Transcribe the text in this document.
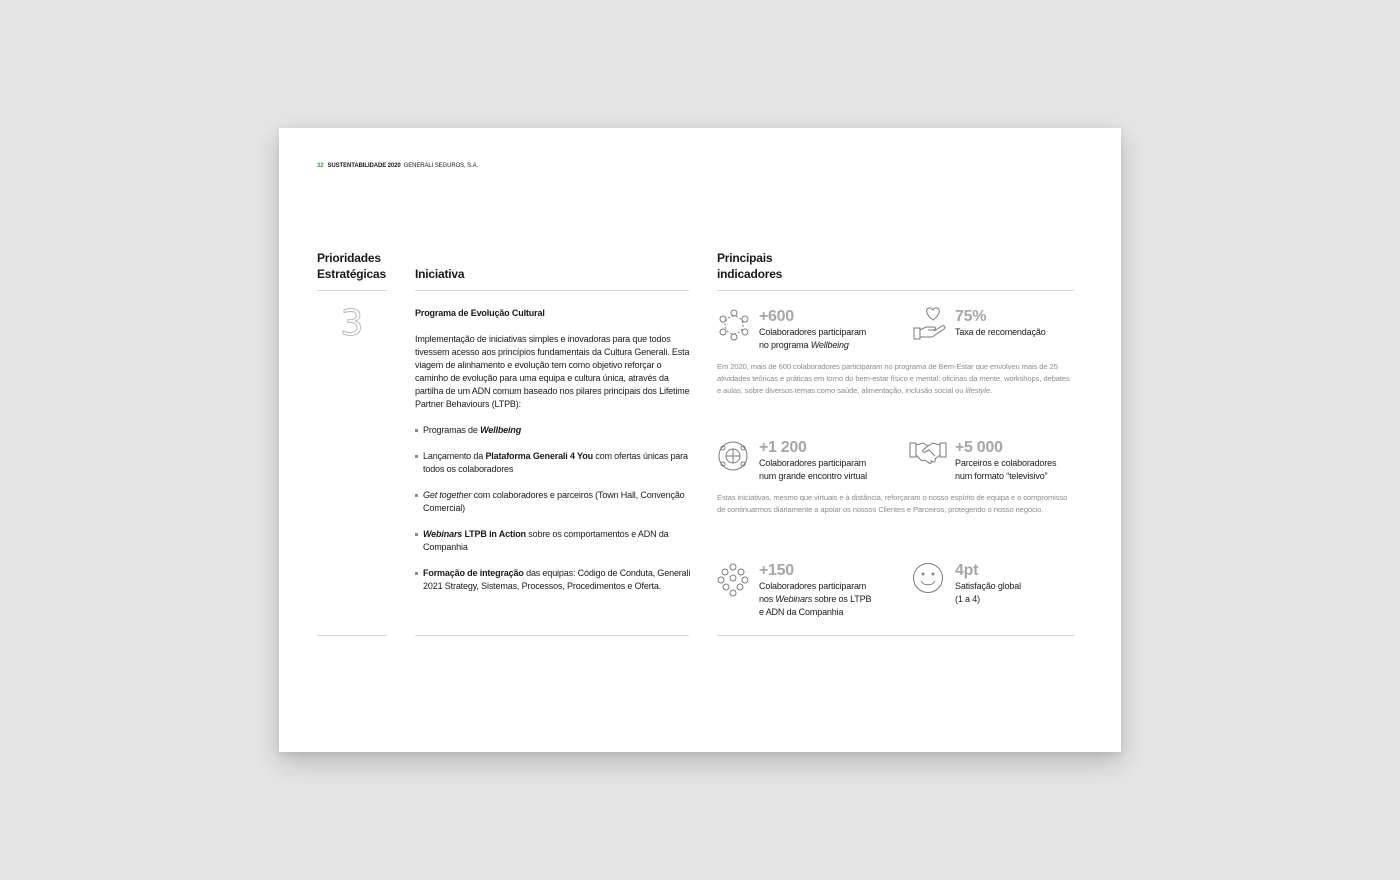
32 SUSTENTABILIDADE 2020 GENERALI SEGUROS, S.A.
Prioridades
Estratégicas Iniciativa
Principais
indicadores
3	Programa de Evolução Cultural

Implementação de iniciativas simples e inovadoras para que todos tivessem acesso aos princípios fundamentais da Cultura Generali. Esta viagem de alinhamento e evolução tem como objetivo reforçar o caminho de evolução para uma equipa e cultura única, através da partilha de um ADN comum baseado nos pilares principais dos Lifetime Partner Behaviours (LTPB):

Programas de Wellbeing
Lançamento da Plataforma Generali 4 You com ofertas únicas para todos os colaboradores
Get together com colaboradores e parceiros (Town Hall, Convenção Comercial)
Webinars LTPB in Action sobre os comportamentos e ADN da Companhia
Formação de integração das equipas: Código de Conduta, Generali 2021 Strategy, Sistemas, Processos, Procedimentos e Oferta.
+600
Colaboradores participaram
no programa Wellbeing
75%
Taxa de recomendação
Em 2020, mais de 600 colaboradores participaram no programa de Bem-Estar que envolveu mais de 25 atividades teóricas e práticas em torno do bem-estar físico e mental: oficinas da mente, workshops, debates e aulas, sobre diversos temas como saúde, alimentação, inclusão social ou lifestyle.
+1 200
Colaboradores participaram
num grande encontro virtual
+5 000
Parceiros e colaboradores
num formato “televisivo”
Estas iniciativas, mesmo que virtuais e à distância, reforçaram o nosso espírito de equipa e o compromisso de continuarmos diariamente a apoiar os nossos Clientes e Parceiros, protegendo o nosso negócio.
+150
Colaboradores participaram
nos Webinars sobre os LTPB
e ADN da Companhia
4pt
Satisfação global
(1 a 4)
